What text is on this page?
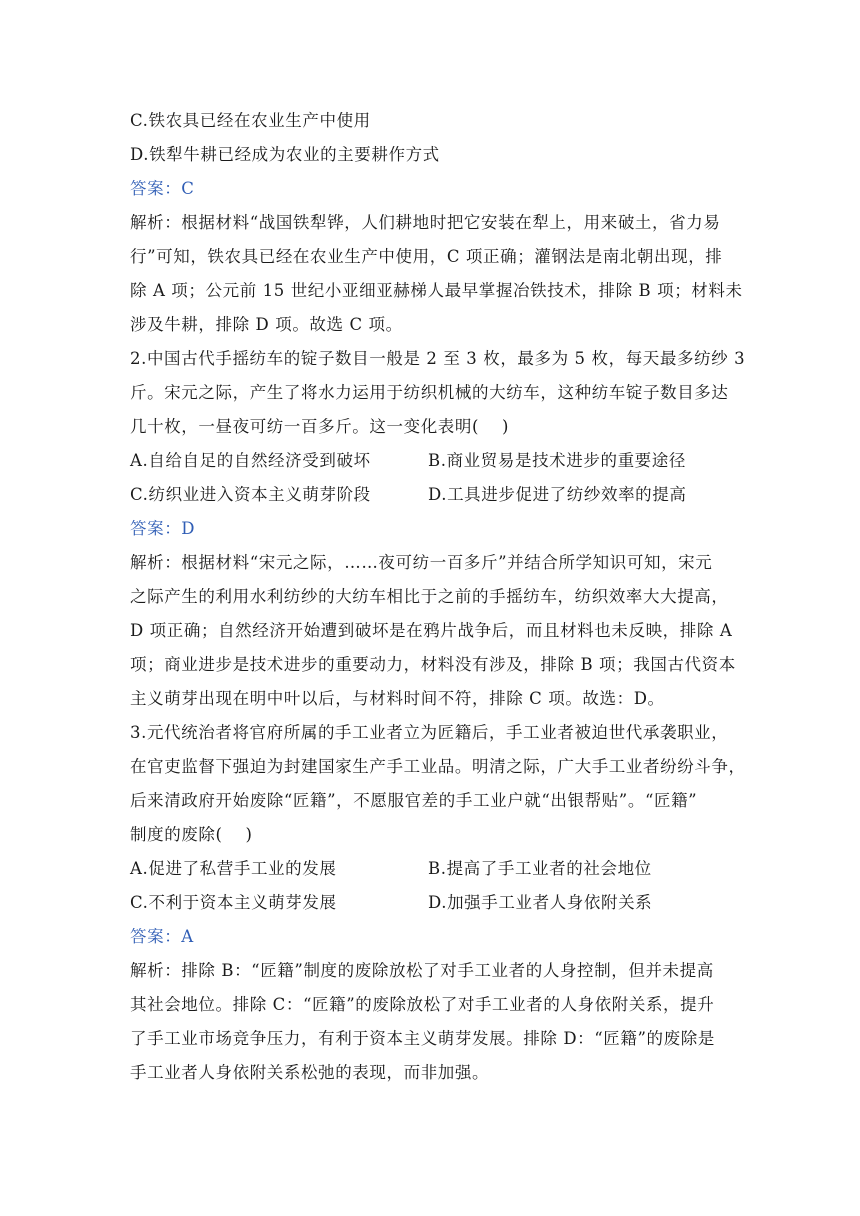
C.铁农具已经在农业生产中使用
D.铁犁牛耕已经成为农业的主要耕作方式
答案：C
解析：根据材料“战国铁犁铧，人们耕地时把它安装在犁上，用来破土，省力易
行”可知，铁农具已经在农业生产中使用，C 项正确；灌钢法是南北朝出现，排
除 A 项；公元前 15 世纪小亚细亚赫梯人最早掌握冶铁技术，排除 B 项；材料未
涉及牛耕，排除 D 项。故选 C 项。
2.中国古代手摇纺车的锭子数目一般是 2 至 3 枚，最多为 5 枚，每天最多纺纱 3
斤。宋元之际，产生了将水力运用于纺织机械的大纺车，这种纺车锭子数目多达
几十枚，一昼夜可纺一百多斤。这一变化表明(　 )
A.自给自足的自然经济受到破坏	B.商业贸易是技术进步的重要途径
C.纺织业进入资本主义萌芽阶段	D.工具进步促进了纺纱效率的提高
答案：D
解析：根据材料“宋元之际，……夜可纺一百多斤”并结合所学知识可知，宋元
之际产生的利用水利纺纱的大纺车相比于之前的手摇纺车，纺织效率大大提高，
D 项正确；自然经济开始遭到破坏是在鸦片战争后，而且材料也未反映，排除 A
项；商业进步是技术进步的重要动力，材料没有涉及，排除 B 项；我国古代资本
主义萌芽出现在明中叶以后，与材料时间不符，排除 C 项。故选：D。
3.元代统治者将官府所属的手工业者立为匠籍后，手工业者被迫世代承袭职业，
在官吏监督下强迫为封建国家生产手工业品。明清之际，广大手工业者纷纷斗争，
后来清政府开始废除“匠籍”，不愿服官差的手工业户就“出银帮贴”。“匠籍”
制度的废除(　 )
A.促进了私营手工业的发展	B.提高了手工业者的社会地位
C.不利于资本主义萌芽发展	D.加强手工业者人身依附关系
答案：A
解析：排除 B：“匠籍”制度的废除放松了对手工业者的人身控制，但并未提高
其社会地位。排除 C：“匠籍”的废除放松了对手工业者的人身依附关系，提升
了手工业市场竞争压力，有利于资本主义萌芽发展。排除 D：“匠籍”的废除是
手工业者人身依附关系松弛的表现，而非加强。
